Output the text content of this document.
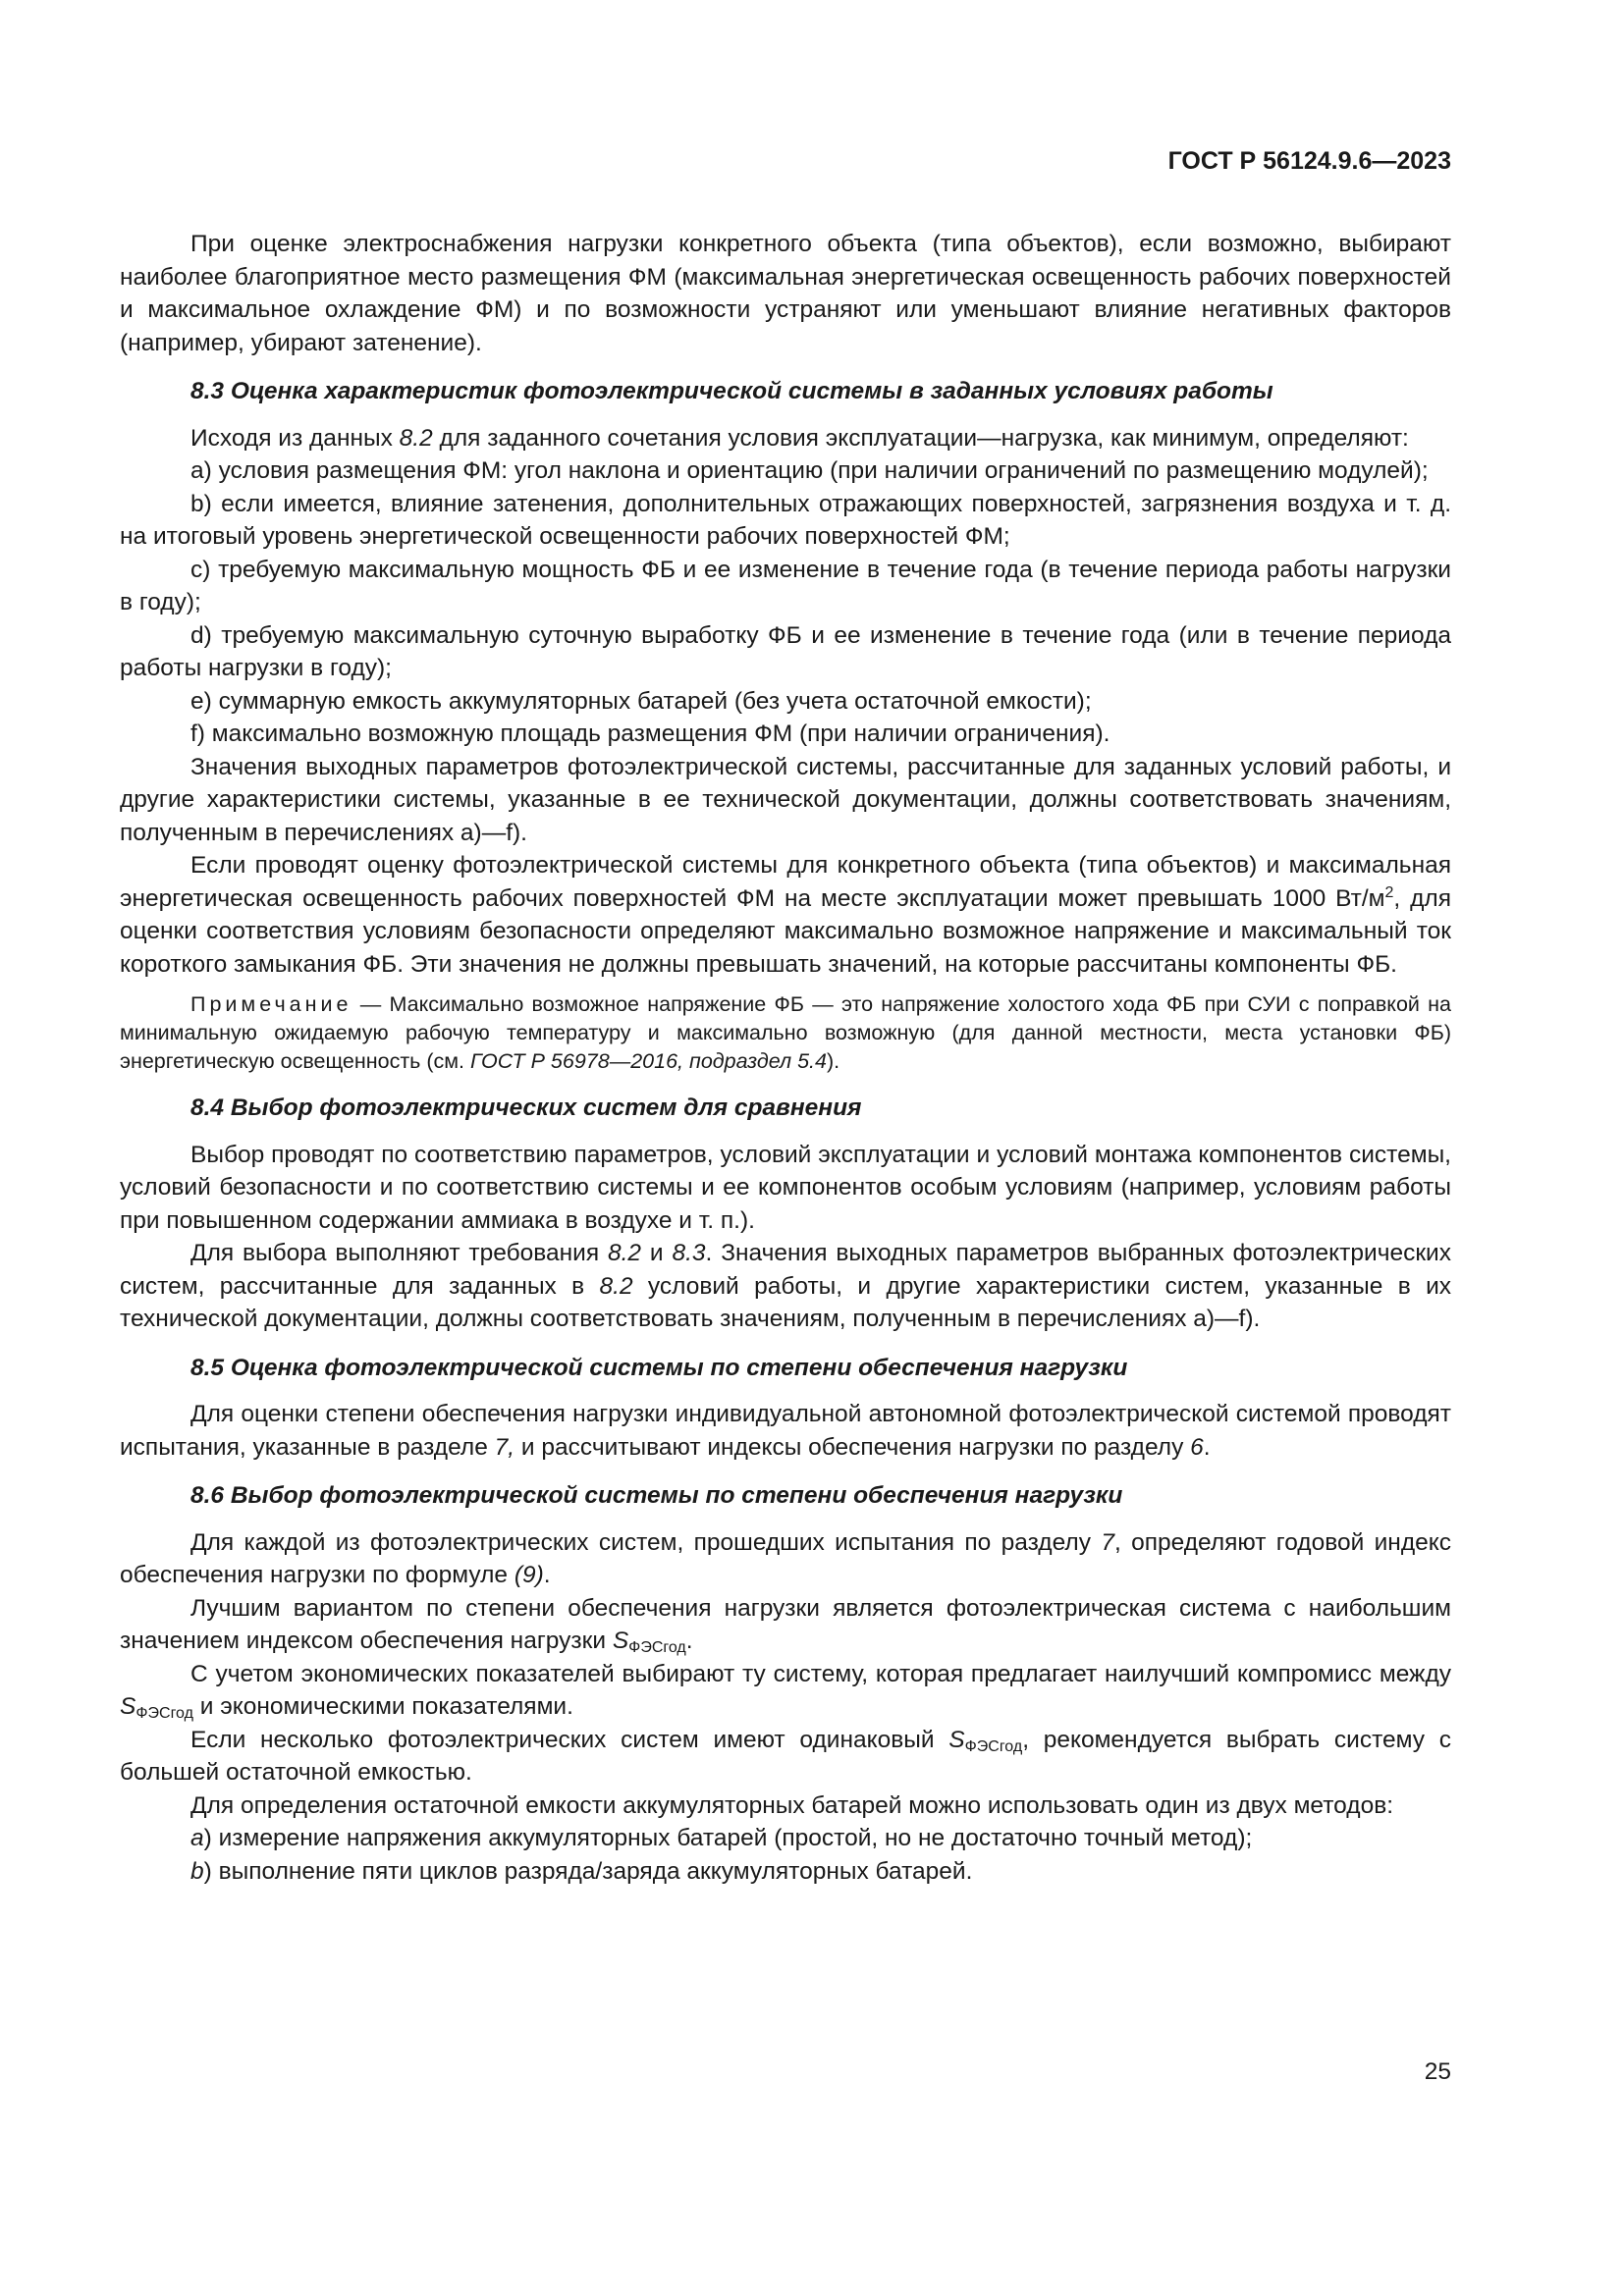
ГОСТ Р 56124.9.6—2023

При оценке электроснабжения нагрузки конкретного объекта (типа объектов), если возможно, выбирают наиболее благоприятное место размещения ФМ (максимальная энергетическая освещенность рабочих поверхностей и максимальное охлаждение ФМ) и по возможности устраняют или уменьшают влияние негативных факторов (например, убирают затенение).

8.3 Оценка характеристик фотоэлектрической системы в заданных условиях работы

Исходя из данных 8.2 для заданного сочетания условия эксплуатации—нагрузка, как минимум, определяют:

a) условия размещения ФМ: угол наклона и ориентацию (при наличии ограничений по размещению модулей);

b) если имеется, влияние затенения, дополнительных отражающих поверхностей, загрязнения воздуха и т. д. на итоговый уровень энергетической освещенности рабочих поверхностей ФМ;

c) требуемую максимальную мощность ФБ и ее изменение в течение года (в течение периода работы нагрузки в году);

d) требуемую максимальную суточную выработку ФБ и ее изменение в течение года (или в течение периода работы нагрузки в году);

e) суммарную емкость аккумуляторных батарей (без учета остаточной емкости);

f) максимально возможную площадь размещения ФМ (при наличии ограничения).

Значения выходных параметров фотоэлектрической системы, рассчитанные для заданных условий работы, и другие характеристики системы, указанные в ее технической документации, должны соответствовать значениям, полученным в перечислениях a)—f).

Если проводят оценку фотоэлектрической системы для конкретного объекта (типа объектов) и максимальная энергетическая освещенность рабочих поверхностей ФМ на месте эксплуатации может превышать 1000 $Вт/м^2$, для оценки соответствия условиям безопасности определяют максимально возможное напряжение и максимальный ток короткого замыкания ФБ. Эти значения не должны превышать значений, на которые рассчитаны компоненты ФБ.

Примечание — Максимально возможное напряжение ФБ — это напряжение холостого хода ФБ при СУИ с поправкой на минимальную ожидаемую рабочую температуру и максимально возможную (для данной местности, места установки ФБ) энергетическую освещенность (см. ГОСТ Р 56978—2016, подраздел 5.4).

8.4 Выбор фотоэлектрических систем для сравнения

Выбор проводят по соответствию параметров, условий эксплуатации и условий монтажа компонентов системы, условий безопасности и по соответствию системы и ее компонентов особым условиям (например, условиям работы при повышенном содержании аммиака в воздухе и т. п.).

Для выбора выполняют требования 8.2 и 8.3. Значения выходных параметров выбранных фотоэлектрических систем, рассчитанные для заданных в 8.2 условий работы, и другие характеристики систем, указанные в их технической документации, должны соответствовать значениям, полученным в перечислениях a)—f).

8.5 Оценка фотоэлектрической системы по степени обеспечения нагрузки

Для оценки степени обеспечения нагрузки индивидуальной автономной фотоэлектрической системой проводят испытания, указанные в разделе 7, и рассчитывают индексы обеспечения нагрузки по разделу 6.

8.6 Выбор фотоэлектрической системы по степени обеспечения нагрузки

Для каждой из фотоэлектрических систем, прошедших испытания по разделу 7, определяют годовой индекс обеспечения нагрузки по формуле (9).

Лучшим вариантом по степени обеспечения нагрузки является фотоэлектрическая система с наибольшим значением индексом обеспечения нагрузки $S_{ФЭСгод}$.

С учетом экономических показателей выбирают ту систему, которая предлагает наилучший компромисс между $S_{ФЭСгод}$ и экономическими показателями.

Если несколько фотоэлектрических систем имеют одинаковый $S_{ФЭСгод}$, рекомендуется выбрать систему с большей остаточной емкостью.

Для определения остаточной емкости аккумуляторных батарей можно использовать один из двух методов:

a) измерение напряжения аккумуляторных батарей (простой, но не достаточно точный метод);

b) выполнение пяти циклов разряда/заряда аккумуляторных батарей.

25
